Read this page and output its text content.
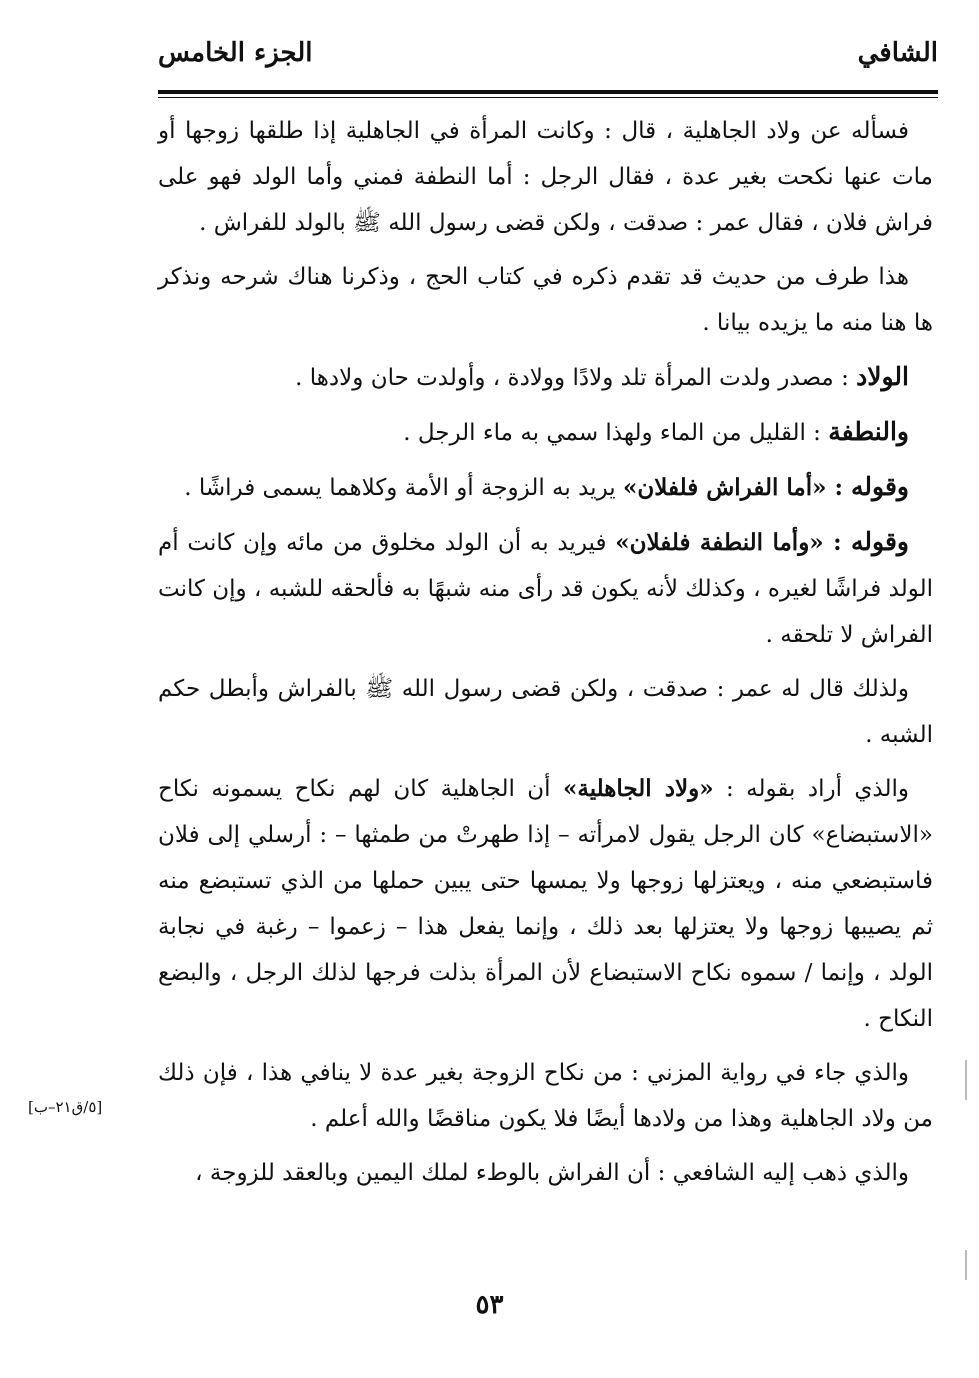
الجزء الخامس	الشافي

فسأله عن ولاد الجاهلية ، قال : وكانت المرأة في الجاهلية إذا طلقها زوجها أو مات عنها نكحت بغير عدة ، فقال الرجل : أما النطفة فمني وأما الولد فهو على فراش فلان ، فقال عمر : صدقت ، ولكن قضى رسول الله ﷺ بالولد للفراش .

هذا طرف من حديث قد تقدم ذكره في كتاب الحج ، وذكرنا هناك شرحه ونذكر ها هنا منه ما يزيده بيانا .

الولاد : مصدر ولدت المرأة تلد ولادًا وولادة ، وأولدت حان ولادها .

والنطفة : القليل من الماء ولهذا سمي به ماء الرجل .

وقوله : «أما الفراش فلفلان» يريد به الزوجة أو الأمة وكلاهما يسمى فراشًا .

وقوله : «وأما النطفة فلفلان» فيريد به أن الولد مخلوق من مائه وإن كانت أم الولد فراشًا لغيره ، وكذلك لأنه يكون قد رأى منه شبهًا به فألحقه للشبه ، وإن كانت الفراش لا تلحقه .

ولذلك قال له عمر : صدقت ، ولكن قضى رسول الله ﷺ بالفراش وأبطل حكم الشبه .

والذي أراد بقوله : «ولاد الجاهلية» أن الجاهلية كان لهم نكاح يسمونه نكاح «الاستبضاع» كان الرجل يقول لامرأته – إذا طهرتْ من طمثها – : أرسلي إلى فلان فاستبضعي منه ، ويعتزلها زوجها ولا يمسها حتى يبين حملها من الذي تستبضع منه ثم يصيبها زوجها ولا يعتزلها بعد ذلك ، وإنما يفعل هذا – زعموا – رغبة في نجابة الولد ، وإنما / سموه نكاح الاستبضاع لأن المرأة بذلت فرجها لذلك الرجل ، والبضع النكاح .

والذي جاء في رواية المزني : من نكاح الزوجة بغير عدة لا ينافي هذا ، فإن ذلك من ولاد الجاهلية وهذا من ولادها أيضًا فلا يكون مناقضًا والله أعلم .

والذي ذهب إليه الشافعي : أن الفراش بالوطء لملك اليمين وبالعقد للزوجة ،

[٥/ق٢١–ب]
٥٣
